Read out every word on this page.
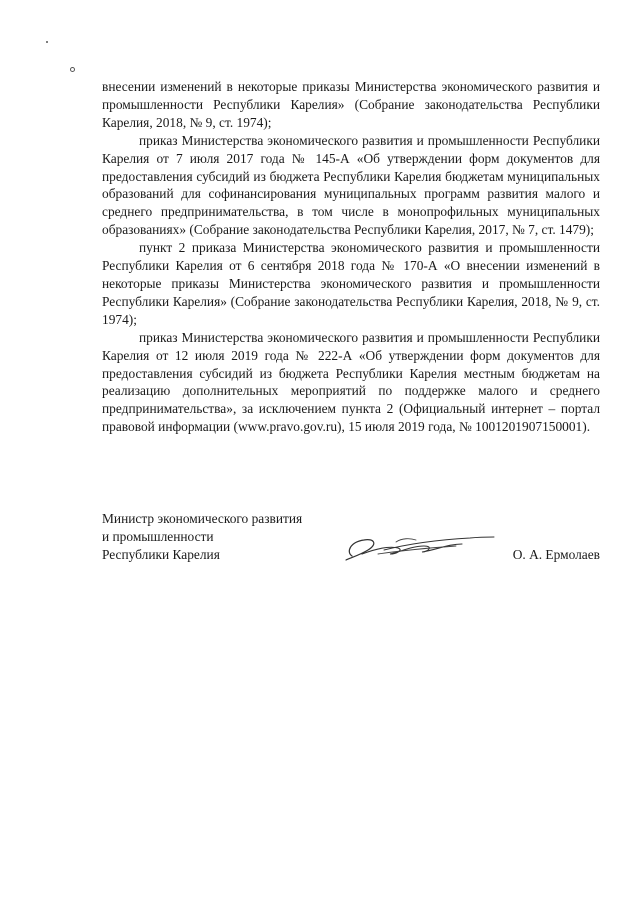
внесении изменений в некоторые приказы Министерства экономического развития и промышленности Республики Карелия» (Собрание законодательства Республики Карелия, 2018, № 9, ст. 1974);

приказ Министерства экономического развития и промышленности Республики Карелия от 7 июля 2017 года № 145-А «Об утверждении форм документов для предоставления субсидий из бюджета Республики Карелия бюджетам муниципальных образований для софинансирования муниципальных программ развития малого и среднего предпринимательства, в том числе в монопрофильных муниципальных образованиях» (Собрание законодательства Республики Карелия, 2017, № 7, ст. 1479);

пункт 2 приказа Министерства экономического развития и промышленности Республики Карелия от 6 сентября 2018 года № 170-А «О внесении изменений в некоторые приказы Министерства экономического развития и промышленности Республики Карелия» (Собрание законодательства Республики Карелия, 2018, № 9, ст. 1974);

приказ Министерства экономического развития и промышленности Республики Карелия от 12 июля 2019 года № 222-А «Об утверждении форм документов для предоставления субсидий из бюджета Республики Карелия местным бюджетам на реализацию дополнительных мероприятий по поддержке малого и среднего предпринимательства», за исключением пункта 2 (Официальный интернет – портал правовой информации (www.pravo.gov.ru), 15 июля 2019 года, № 1001201907150001).

Министр экономического развития
и промышленности
Республики Карелия	О. А. Ермолаев
